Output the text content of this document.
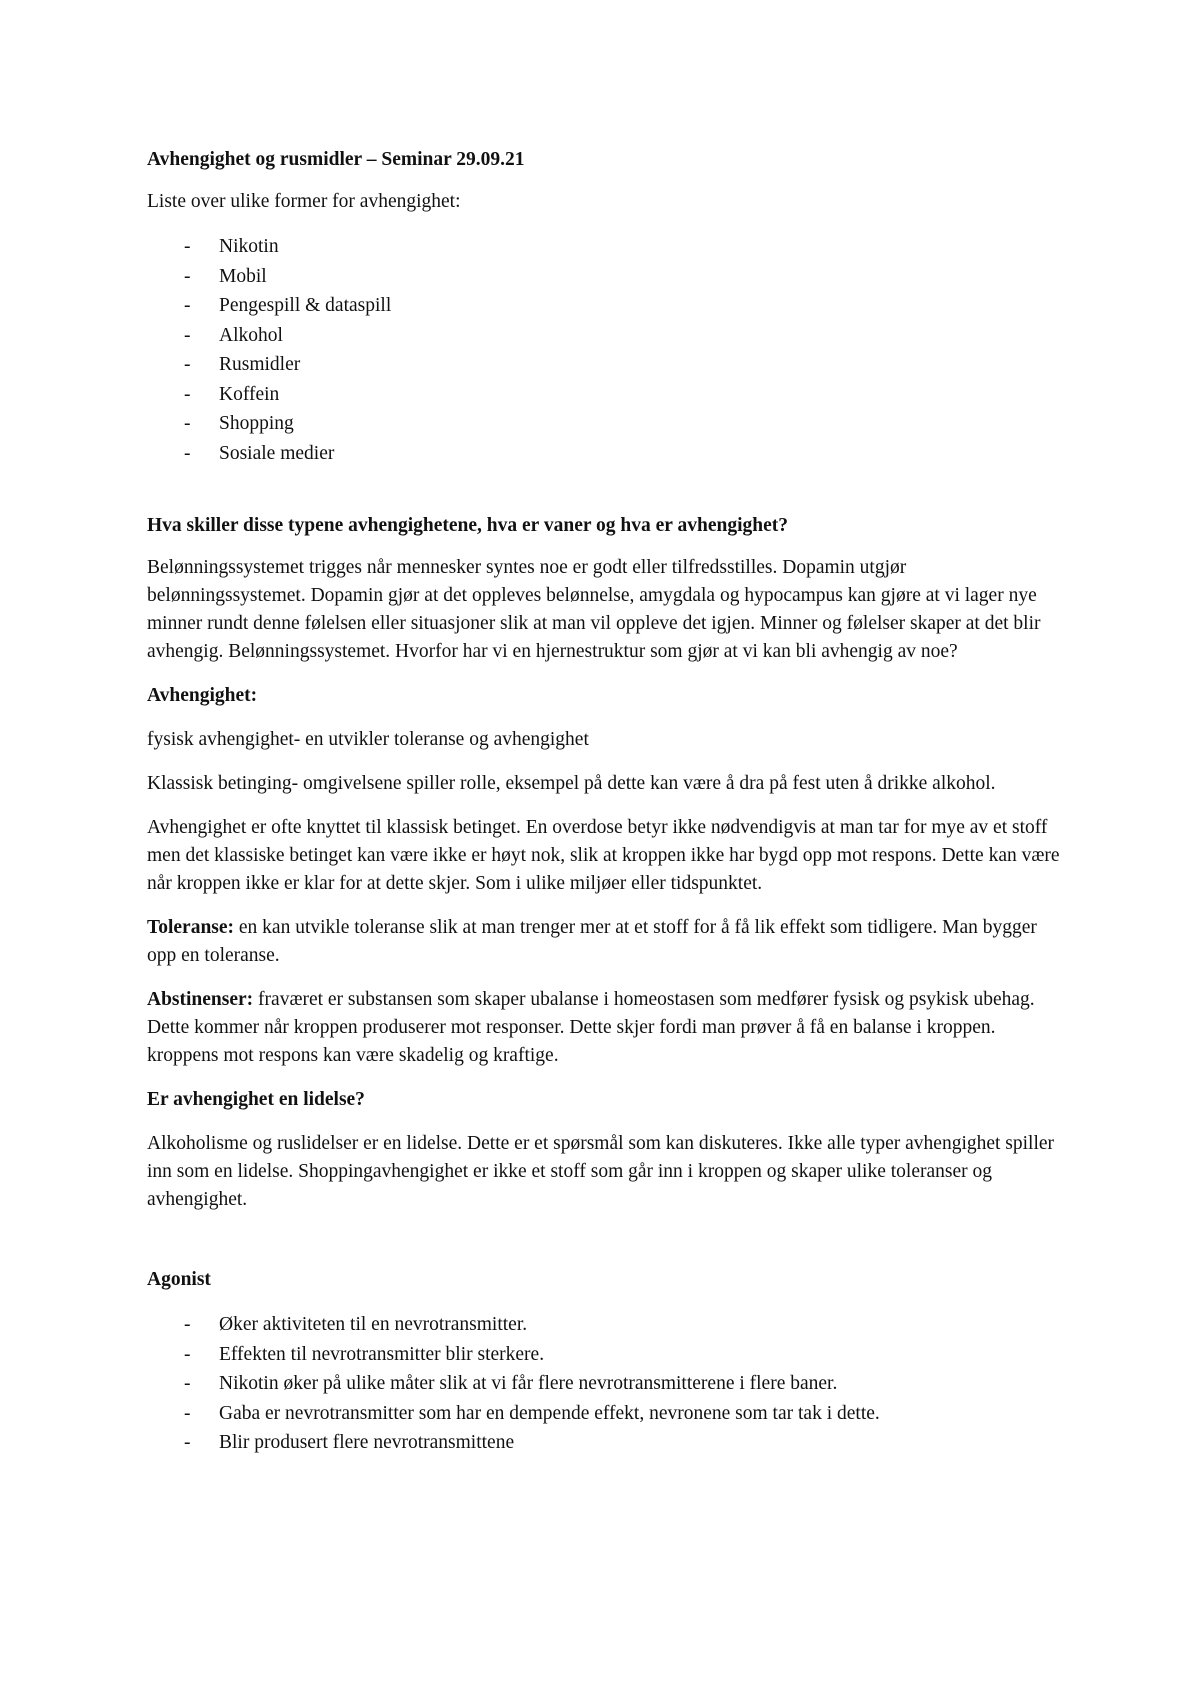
Avhengighet og rusmidler – Seminar 29.09.21

Liste over ulike former for avhengighet:

- Nikotin
- Mobil
- Pengespill & dataspill
- Alkohol
- Rusmidler
- Koffein
- Shopping
- Sosiale medier

Hva skiller disse typene avhengighetene, hva er vaner og hva er avhengighet?

Belønningssystemet trigges når mennesker syntes noe er godt eller tilfredsstilles. Dopamin utgjør belønningssystemet. Dopamin gjør at det oppleves belønnelse, amygdala og hypocampus kan gjøre at vi lager nye minner rundt denne følelsen eller situasjoner slik at man vil oppleve det igjen. Minner og følelser skaper at det blir avhengig. Belønningssystemet. Hvorfor har vi en hjernestruktur som gjør at vi kan bli avhengig av noe?

Avhengighet:

fysisk avhengighet- en utvikler toleranse og avhengighet

Klassisk betinging- omgivelsene spiller rolle, eksempel på dette kan være å dra på fest uten å drikke alkohol.

Avhengighet er ofte knyttet til klassisk betinget. En overdose betyr ikke nødvendigvis at man tar for mye av et stoff men det klassiske betinget kan være ikke er høyt nok, slik at kroppen ikke har bygd opp mot respons. Dette kan være når kroppen ikke er klar for at dette skjer. Som i ulike miljøer eller tidspunktet.

Toleranse: en kan utvikle toleranse slik at man trenger mer at et stoff for å få lik effekt som tidligere. Man bygger opp en toleranse.

Abstinenser: fraværet er substansen som skaper ubalanse i homeostasen som medfører fysisk og psykisk ubehag. Dette kommer når kroppen produserer mot responser. Dette skjer fordi man prøver å få en balanse i kroppen. kroppens mot respons kan være skadelig og kraftige.

Er avhengighet en lidelse?

Alkoholisme og ruslidelser er en lidelse. Dette er et spørsmål som kan diskuteres. Ikke alle typer avhengighet spiller inn som en lidelse. Shoppingavhengighet er ikke et stoff som går inn i kroppen og skaper ulike toleranser og avhengighet.

Agonist

- Øker aktiviteten til en nevrotransmitter.
- Effekten til nevrotransmitter blir sterkere.
- Nikotin øker på ulike måter slik at vi får flere nevrotransmitterene i flere baner.
- Gaba er nevrotransmitter som har en dempende effekt, nevronene som tar tak i dette.
- Blir produsert flere nevrotransmittene
